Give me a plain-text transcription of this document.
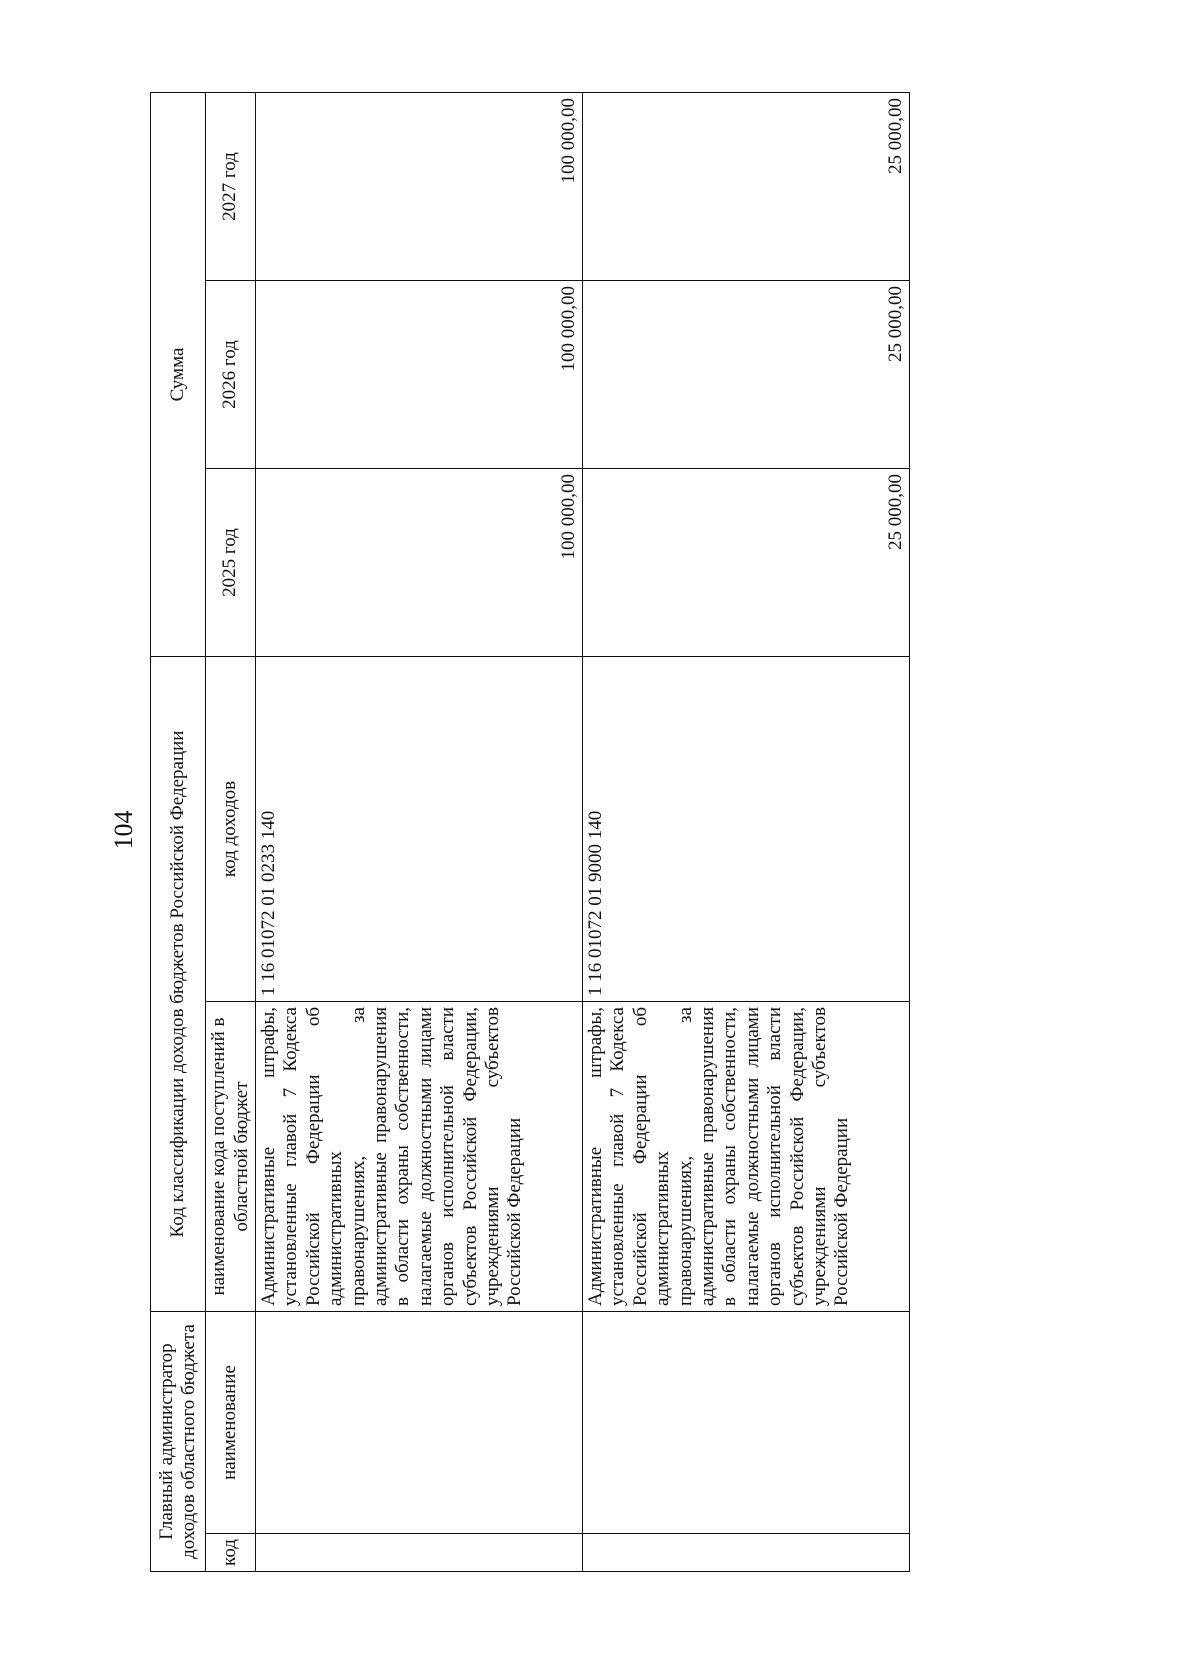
104
Главный администратор доходов областного бюджета		Код классификации доходов бюджетов Российской Федерации		Сумма		
код	наименование	наименование кода поступлений в областной бюджет	код доходов	2025 год	2026 год	2027 год
		Административные штрафы, установленные главой 7 Кодекса Российской Федерации об административных правонарушениях, за административные правонарушения в области охраны собственности, налагаемые должностными лицами органов исполнительной власти субъектов Российской Федерации, учреждениями субъектов Российской Федерации	1 16 01072 01 0233 140	100 000,00	100 000,00	100 000,00
		Административные штрафы, установленные главой 7 Кодекса Российской Федерации об административных правонарушениях, за административные правонарушения в области охраны собственности, налагаемые должностными лицами органов исполнительной власти субъектов Российской Федерации, учреждениями субъектов Российской Федерации	1 16 01072 01 9000 140	25 000,00	25 000,00	25 000,00
